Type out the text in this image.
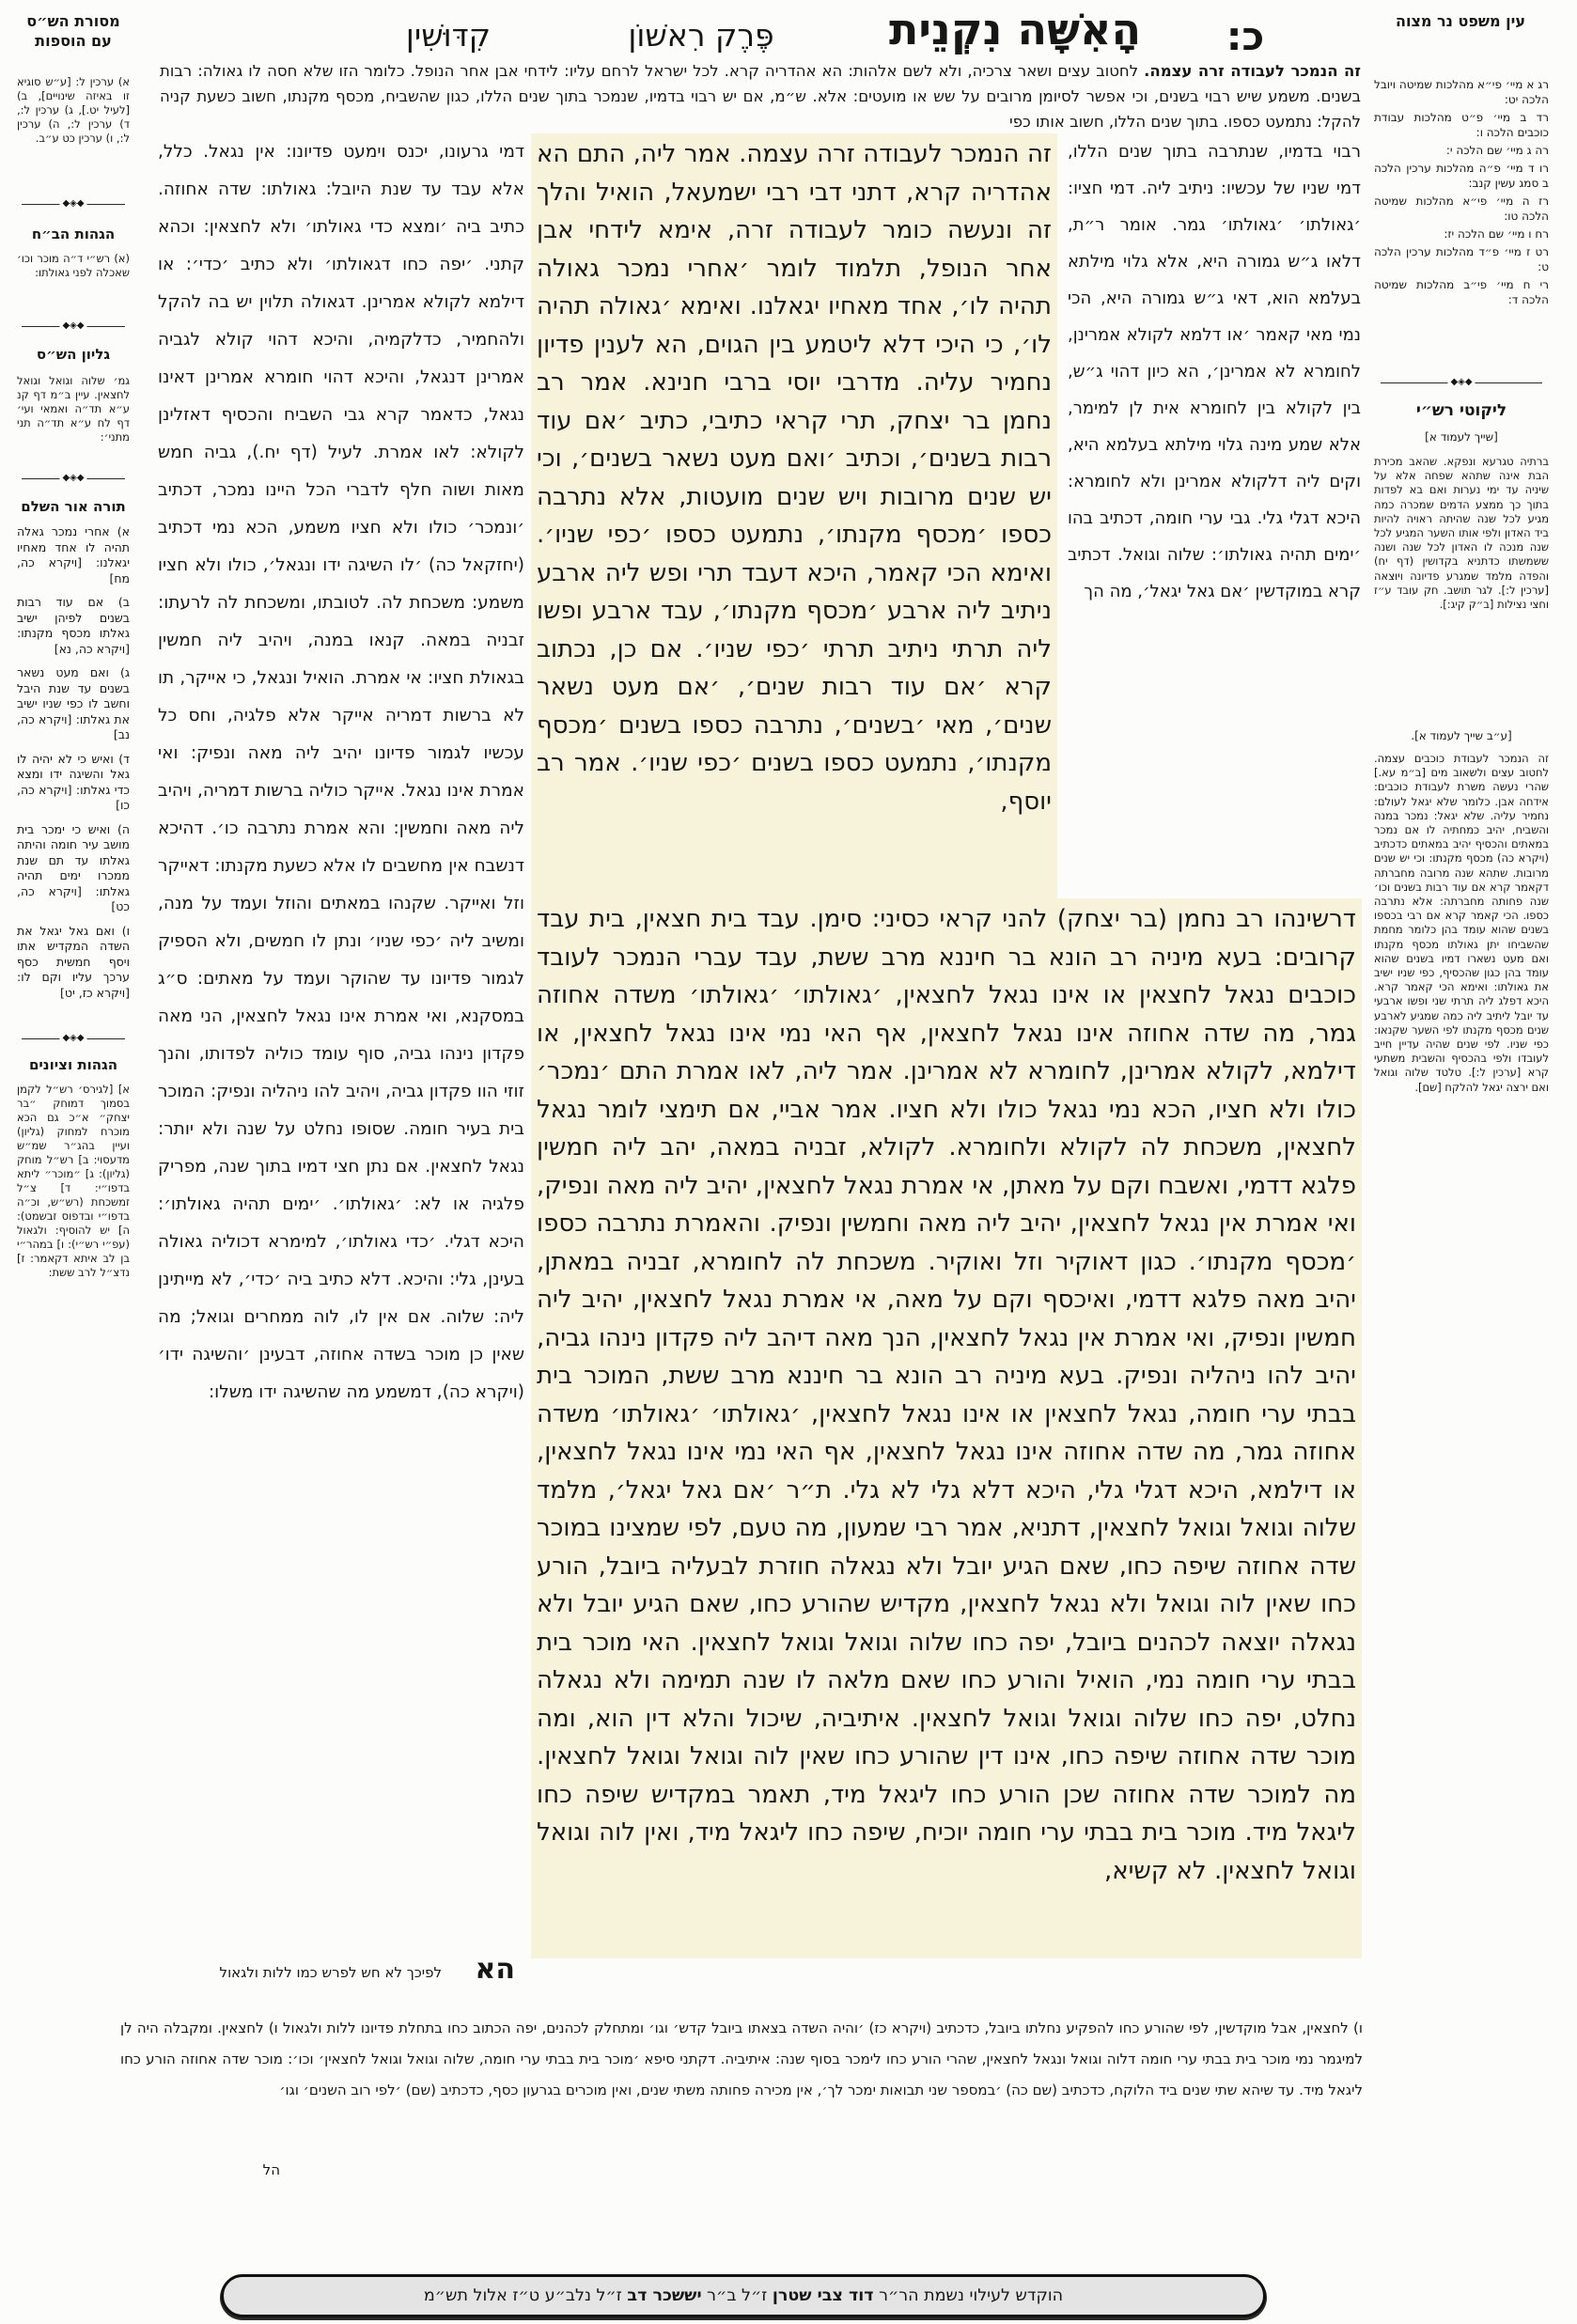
מסורת הש״ס עם הוספות
עין משפט נר מצוה
כ:
הָאִשָּׁה נִקְנֵית
פֶּרֶק רִאשׁוֹן
קִדּוּשִׁין
זה הנמכר לעבודה זרה עצמה. לחטוב עצים ושאר צרכיה, ולא לשם אלהות: הא אהדריה קרא. לכל ישראל לרחם עליו: לידחי אבן אחר הנופל. כלומר הזו שלא חסה לו גאולה: רבות בשנים. משמע שיש רבוי בשנים, וכי אפשר לסיומן מרובים על שש או מועטים: אלא. ש״מ, אם יש רבוי בדמיו, שנמכר בתוך שנים הללו, כגון שהשביח, מכסף מקנתו, חשוב כשעת קניה להקל: נתמעט כספו. בתוך שנים הללו, חשוב אותו כפי
א) ערכין ל: [ע״ש סוגיא זו באיזה שינויים], ב) [לעיל יט.], ג) ערכין ל:, ד) ערכין ל:, ה) ערכין ל:, ו) ערכין כט ע״ב.
◆◈◆
הגהות הב״ח
(א) רש״י ד״ה מוכר וכו׳ שאכלה לפני גאולתו:
◆◈◆
גליון הש״ס
גמ׳ שלוה וגואל וגואל לחצאין. עיין ב״מ דף קנ ע״א תד״ה ואמאי ועי׳ דף לח ע״א תד״ה תני מתני׳:
◆◈◆
תורה אור השלם
א) אחרי נמכר גאלה תהיה לו אחד מאחיו יגאלנו: [ויקרא כה, מח]
ב) אם עוד רבות בשנים לפיהן ישיב גאלתו מכסף מקנתו: [ויקרא כה, נא]
ג) ואם מעט נשאר בשנים עד שנת היבל וחשב לו כפי שניו ישיב את גאלתו: [ויקרא כה, נב]
ד) ואיש כי לא יהיה לו גאל והשיגה ידו ומצא כדי גאלתו: [ויקרא כה, כו]
ה) ואיש כי ימכר בית מושב עיר חומה והיתה גאלתו עד תם שנת ממכרו ימים תהיה גאלתו: [ויקרא כה, כט]
ו) ואם גאל יגאל את השדה המקדיש אתו ויסף חמשית כסף ערכך עליו וקם לו: [ויקרא כז, יט]
◆◈◆
הגהות וציונים
א] [לגירס׳ רש״ל לקמן בסמוך דמוחק ״בר יצחק״ א״כ גם הכא מוכרח למחוק (גליון) ועיין בהג״ר שמ״ש מדעסוי: ב] רש״ל מוחק (גליון): ג] ״מוכר״ ליתא בדפו״י: ד] צ״ל זמשכחת (רש״ש, וכ״ה בדפו״י ובדפוס זבשמט): ה] יש להוסיף: ולגאול (עפ״י רש״י): ו] במהר״י בן לב איתא דקאמר: ז] נדצ״ל לרב ששת:
רג א מיי׳ פי״א מהלכות שמיטה ויובל הלכה יט:
רד ב מיי׳ פ״ט מהלכות עבודת כוכבים הלכה ו:
רה ג מיי׳ שם הלכה י:
רו ד מיי׳ פ״ה מהלכות ערכין הלכה ב סמג עשין קנב:
רז ה מיי׳ פי״א מהלכות שמיטה הלכה טו:
רח ו מיי׳ שם הלכה יז:
רט ז מיי׳ פ״ד מהלכות ערכין הלכה ט:
רי ח מיי׳ פי״ב מהלכות שמיטה הלכה ד:
◆◈◆
ליקוטי רש״י
[שייך לעמוד א]
ברתיה טגרעא ונפקא. שהאב מכירת הבת אינה שתהא שפחה אלא על שיניה עד ימי נערות ואם בא לפדות בתוך כך ממצע הדמים שמכרה כמה מגיע לכל שנה שהיתה ראויה להיות ביד האדון ולפי אותו השער המגיע לכל שנה מנכה לו האדון לכל שנה ושנה ששמשתו כדתניא בקדושין (דף יח) והפדה מלמד שמגרע פדיונה ויוצאה [ערכין ל:]. לגר תושב. חק עובד ע״ז וחצי נצילות [ב״ק קיג:].
[ע״ב שייך לעמוד א].
זה הנמכר לעבודת כוכבים עצמה. לחטוב עצים ולשאוב מים [ב״מ עא.] שהרי נעשה משרת לעבודת כוכבים: אידחה אבן. כלומר שלא יגאל לעולם: נחמיר עליה. שלא יגאל: נמכר במנה והשביח, יהיב כמחתיה לו אם נמכר במאתים והכסיף יהיב במאתים כדכתיב (ויקרא כה) מכסף מקנתו: וכי יש שנים מרובות. שתהא שנה מרובה מחברתה דקאמר קרא אם עוד רבות בשנים וכו׳ שנה פחותה מחברתה: אלא נתרבה כספו. הכי קאמר קרא אם רבי בכספו בשנים שהוא עומד בהן כלומר מחמת שהשביחו יתן גאולתו מכסף מקנתו ואם מעט נשארו דמיו בשנים שהוא עומד בהן כגון שהכסיף, כפי שניו ישיב את גאולתו: ואימא הכי קאמר קרא. היכא דפלג ליה תרתי שני ופשו ארבעי עד יובל ליתיב ליה כמה שמגיע לארבע שנים מכסף מקנתו לפי השער שקנאו: כפי שניו. לפי שנים שהיה עדיין חייב לעובדו ולפי בהכסיף והשבית משתעי קרא [ערכין ל:]. טלטד שלוה וגואל ואם ירצה יגאל להלקח [שם].
דמי גרעונו, יכנס וימעט פדיונו: אין נגאל. כלל, אלא עבד עד שנת היובל: גאולתו: שדה אחוזה. כתיב ביה ׳ומצא כדי גאולתו׳ ולא לחצאין: וכהא קתני. ׳יפה כחו דגאולתו׳ ולא כתיב ׳כדי׳: או דילמא לקולא אמרינן. דגאולה תלוין יש בה להקל ולהחמיר, כדלקמיה, והיכא דהוי קולא לגביה אמרינן דנגאל, והיכא דהוי חומרא אמרינן דאינו נגאל, כדאמר קרא גבי השביח והכסיף דאזלינן לקולא: לאו אמרת. לעיל (דף יח.), גביה חמש מאות ושוה חלף לדברי הכל היינו נמכר, דכתיב ׳ונמכר׳ כולו ולא חציו משמע, הכא נמי דכתיב (יחזקאל כה) ׳לו השיגה ידו ונגאל׳, כולו ולא חציו משמע: משכחת לה. לטובתו, ומשכחת לה לרעתו: זבניה במאה. קנאו במנה, ויהיב ליה חמשין בגאולת חציו: אי אמרת. הואיל ונגאל, כי אייקר, תו לא ברשות דמריה אייקר אלא פלגיה, וחס כל עכשיו לגמור פדיונו יהיב ליה מאה ונפיק: ואי אמרת אינו נגאל. אייקר כוליה ברשות דמריה, ויהיב ליה מאה וחמשין: והא אמרת נתרבה כו׳. דהיכא דנשבח אין מחשבים לו אלא כשעת מקנתו: דאייקר וזל ואייקר. שקנהו במאתים והוזל ועמד על מנה, ומשיב ליה ׳כפי שניו׳ ונתן לו חמשים, ולא הספיק לגמור פדיונו עד שהוקר ועמד על מאתים: ס״ג במסקנא, ואי אמרת אינו נגאל לחצאין, הני מאה פקדון נינהו גביה, סוף עומד כוליה לפדותו, והנך זוזי הוו פקדון גביה, ויהיב להו ניהליה ונפיק: המוכר בית בעיר חומה. שסופו נחלט על שנה ולא יותר: נגאל לחצאין. אם נתן חצי דמיו בתוך שנה, מפריק פלגיה או לא: ׳גאולתו׳. ׳ימים תהיה גאולתו׳: היכא דגלי. ׳כדי גאולתו׳, למימרא דכוליה גאולה בעינן, גלי: והיכא. דלא כתיב ביה ׳כדי׳, לא מייתינן ליה: שלוה. אם אין לו, לוה ממחרים וגואל; מה שאין כן מוכר בשדה אחוזה, דבעינן ׳והשיגה ידו׳ (ויקרא כה), דמשמע מה שהשיגה ידו משלו:
זה הנמכר לעבודה זרה עצמה. אמר ליה, התם הא אהדריה קרא, דתני דבי רבי ישמעאל, הואיל והלך זה ונעשה כומר לעבודה זרה, אימא לידחי אבן אחר הנופל, תלמוד לומר ׳אחרי נמכר גאולה תהיה לו׳, אחד מאחיו יגאלנו. ואימא ׳גאולה תהיה לו׳, כי היכי דלא ליטמע בין הגוים, הא לענין פדיון נחמיר עליה. מדרבי יוסי ברבי חנינא. אמר רב נחמן בר יצחק, תרי קראי כתיבי, כתיב ׳אם עוד רבות בשנים׳, וכתיב ׳ואם מעט נשאר בשנים׳, וכי יש שנים מרובות ויש שנים מועטות, אלא נתרבה כספו ׳מכסף מקנתו׳, נתמעט כספו ׳כפי שניו׳. ואימא הכי קאמר, היכא דעבד תרי ופש ליה ארבע ניתיב ליה ארבע ׳מכסף מקנתו׳, עבד ארבע ופשו ליה תרתי ניתיב תרתי ׳כפי שניו׳. אם כן, נכתוב קרא ׳אם עוד רבות שנים׳, ׳אם מעט נשאר שנים׳, מאי ׳בשנים׳, נתרבה כספו בשנים ׳מכסף מקנתו׳, נתמעט כספו בשנים ׳כפי שניו׳. אמר רב יוסף,
דרשינהו רב נחמן (בר יצחק) להני קראי כסיני: סימן. עבד בית חצאין, בית עבד קרובים: בעא מיניה רב הונא בר חיננא מרב ששת, עבד עברי הנמכר לעובד כוכבים נגאל לחצאין או אינו נגאל לחצאין, ׳גאולתו׳ ׳גאולתו׳ משדה אחוזה גמר, מה שדה אחוזה אינו נגאל לחצאין, אף האי נמי אינו נגאל לחצאין, או דילמא, לקולא אמרינן, לחומרא לא אמרינן. אמר ליה, לאו אמרת התם ׳נמכר׳ כולו ולא חציו, הכא נמי נגאל כולו ולא חציו. אמר אביי, אם תימצי לומר נגאל לחצאין, משכחת לה לקולא ולחומרא. לקולא, זבניה במאה, יהב ליה חמשין פלגא דדמי, ואשבח וקם על מאתן, אי אמרת נגאל לחצאין, יהיב ליה מאה ונפיק, ואי אמרת אין נגאל לחצאין, יהיב ליה מאה וחמשין ונפיק. והאמרת נתרבה כספו ׳מכסף מקנתו׳. כגון דאוקיר וזל ואוקיר. משכחת לה לחומרא, זבניה במאתן, יהיב מאה פלגא דדמי, ואיכסף וקם על מאה, אי אמרת נגאל לחצאין, יהיב ליה חמשין ונפיק, ואי אמרת אין נגאל לחצאין, הנך מאה דיהב ליה פקדון נינהו גביה, יהיב להו ניהליה ונפיק. בעא מיניה רב הונא בר חיננא מרב ששת, המוכר בית בבתי ערי חומה, נגאל לחצאין או אינו נגאל לחצאין, ׳גאולתו׳ ׳גאולתו׳ משדה אחוזה גמר, מה שדה אחוזה אינו נגאל לחצאין, אף האי נמי אינו נגאל לחצאין, או דילמא, היכא דגלי גלי, היכא דלא גלי לא גלי. ת״ר ׳אם גאל יגאל׳, מלמד שלוה וגואל וגואל לחצאין, דתניא, אמר רבי שמעון, מה טעם, לפי שמצינו במוכר שדה אחוזה שיפה כחו, שאם הגיע יובל ולא נגאלה חוזרת לבעליה ביובל, הורע כחו שאין לוה וגואל ולא נגאל לחצאין, מקדיש שהורע כחו, שאם הגיע יובל ולא נגאלה יוצאה לכהנים ביובל, יפה כחו שלוה וגואל וגואל לחצאין. האי מוכר בית בבתי ערי חומה נמי, הואיל והורע כחו שאם מלאה לו שנה תמימה ולא נגאלה נחלט, יפה כחו שלוה וגואל וגואל לחצאין. איתיביה, שיכול והלא דין הוא, ומה מוכר שדה אחוזה שיפה כחו, אינו דין שהורע כחו שאין לוה וגואל וגואל לחצאין. מה למוכר שדה אחוזה שכן הורע כחו ליגאל מיד, תאמר במקדיש שיפה כחו ליגאל מיד. מוכר בית בבתי ערי חומה יוכיח, שיפה כחו ליגאל מיד, ואין לוה וגואל וגואל לחצאין. לא קשיא,
הא
רבוי בדמיו, שנתרבה בתוך שנים הללו, דמי שניו של עכשיו: ניתיב ליה. דמי חציו: ׳גאולתו׳ ׳גאולתו׳ גמר. אומר ר״ת, דלאו ג״ש גמורה היא, אלא גלוי מילתא בעלמא הוא, דאי ג״ש גמורה היא, הכי נמי מאי קאמר ׳או דלמא לקולא אמרינן, לחומרא לא אמרינן׳, הא כיון דהוי ג״ש, בין לקולא בין לחומרא אית לן למימר, אלא שמע מינה גלוי מילתא בעלמא היא, וקים ליה דלקולא אמרינן ולא לחומרא: היכא דגלי גלי. גבי ערי חומה, דכתיב בהו ׳ימים תהיה גאולתו׳: שלוה וגואל. דכתיב קרא במוקדשין ׳אם גאל יגאל׳, מה הך
לפיכך לא חש לפרש כמו ללות ולגאול
ו) לחצאין, אבל מוקדשין, לפי שהורע כחו להפקיע נחלתו ביובל, כדכתיב (ויקרא כז) ׳והיה השדה בצאתו ביובל קדש׳ וגו׳ ומתחלק לכהנים, יפה הכתוב כחו בתחלת פדיונו ללות ולגאול ו) לחצאין. ומקבלה היה לן למיגמר נמי מוכר בית בבתי ערי חומה דלוה וגואל ונגאל לחצאין, שהרי הורע כחו לימכר בסוף שנה: איתיביה. דקתני סיפא ׳מוכר בית בבתי ערי חומה, שלוה וגואל וגואל לחצאין׳ וכו׳: מוכר שדה אחוזה הורע כחו ליגאל מיד. עד שיהא שתי שנים ביד הלוקח, כדכתיב (שם כה) ׳במספר שני תבואות ימכר לך׳, אין מכירה פחותה משתי שנים, ואין מוכרים בגרעון כסף, כדכתיב (שם) ׳לפי רוב השנים׳ וגו׳
הל
הוקדש לעילוי נשמת הר״ר דוד צבי שטרן ז״ל ב״ר יששכר דב ז״ל נלב״ע ט״ז אלול תש״מ
